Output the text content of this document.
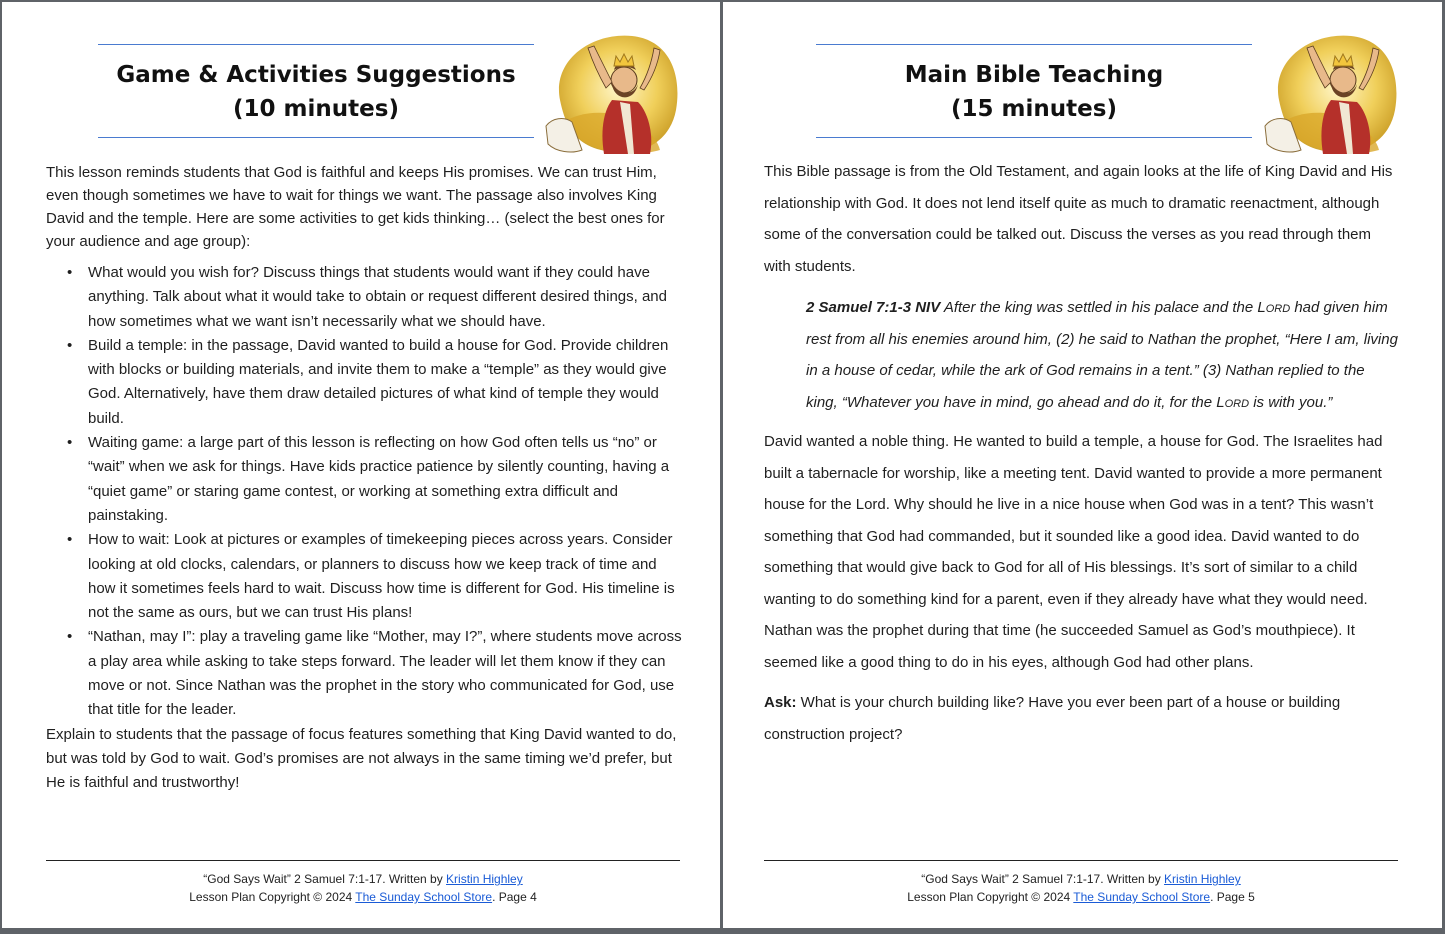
Game & Activities Suggestions
(10 minutes)

This lesson reminds students that God is faithful and keeps His promises. We can trust Him, even though sometimes we have to wait for things we want. The passage also involves King David and the temple. Here are some activities to get kids thinking… (select the best ones for your audience and age group):

• What would you wish for? Discuss things that students would want if they could have anything. Talk about what it would take to obtain or request different desired things, and how sometimes what we want isn’t necessarily what we should have.
• Build a temple: in the passage, David wanted to build a house for God. Provide children with blocks or building materials, and invite them to make a “temple” as they would give God. Alternatively, have them draw detailed pictures of what kind of temple they would build.
• Waiting game: a large part of this lesson is reflecting on how God often tells us “no” or “wait” when we ask for things. Have kids practice patience by silently counting, having a “quiet game” or staring game contest, or working at something extra difficult and painstaking.
• How to wait: Look at pictures or examples of timekeeping pieces across years. Consider looking at old clocks, calendars, or planners to discuss how we keep track of time and how it sometimes feels hard to wait. Discuss how time is different for God. His timeline is not the same as ours, but we can trust His plans!
• “Nathan, may I”: play a traveling game like “Mother, may I?”, where students move across a play area while asking to take steps forward. The leader will let them know if they can move or not. Since Nathan was the prophet in the story who communicated for God, use that title for the leader.

Explain to students that the passage of focus features something that King David wanted to do, but was told by God to wait. God’s promises are not always in the same timing we’d prefer, but He is faithful and trustworthy!

“God Says Wait” 2 Samuel 7:1-17. Written by Kristin Highley
Lesson Plan Copyright © 2024 The Sunday School Store. Page 4
Main Bible Teaching
(15 minutes)

This Bible passage is from the Old Testament, and again looks at the life of King David and His relationship with God. It does not lend itself quite as much to dramatic reenactment, although some of the conversation could be talked out. Discuss the verses as you read through them with students.

2 Samuel 7:1-3 NIV After the king was settled in his palace and the Lord had given him rest from all his enemies around him, (2) he said to Nathan the prophet, “Here I am, living in a house of cedar, while the ark of God remains in a tent.” (3) Nathan replied to the king, “Whatever you have in mind, go ahead and do it, for the Lord is with you.”

David wanted a noble thing. He wanted to build a temple, a house for God. The Israelites had built a tabernacle for worship, like a meeting tent. David wanted to provide a more permanent house for the Lord. Why should he live in a nice house when God was in a tent? This wasn’t something that God had commanded, but it sounded like a good idea. David wanted to do something that would give back to God for all of His blessings. It’s sort of similar to a child wanting to do something kind for a parent, even if they already have what they would need. Nathan was the prophet during that time (he succeeded Samuel as God’s mouthpiece). It seemed like a good thing to do in his eyes, although God had other plans.

Ask: What is your church building like? Have you ever been part of a house or building construction project?

“God Says Wait” 2 Samuel 7:1-17. Written by Kristin Highley
Lesson Plan Copyright © 2024 The Sunday School Store. Page 5
